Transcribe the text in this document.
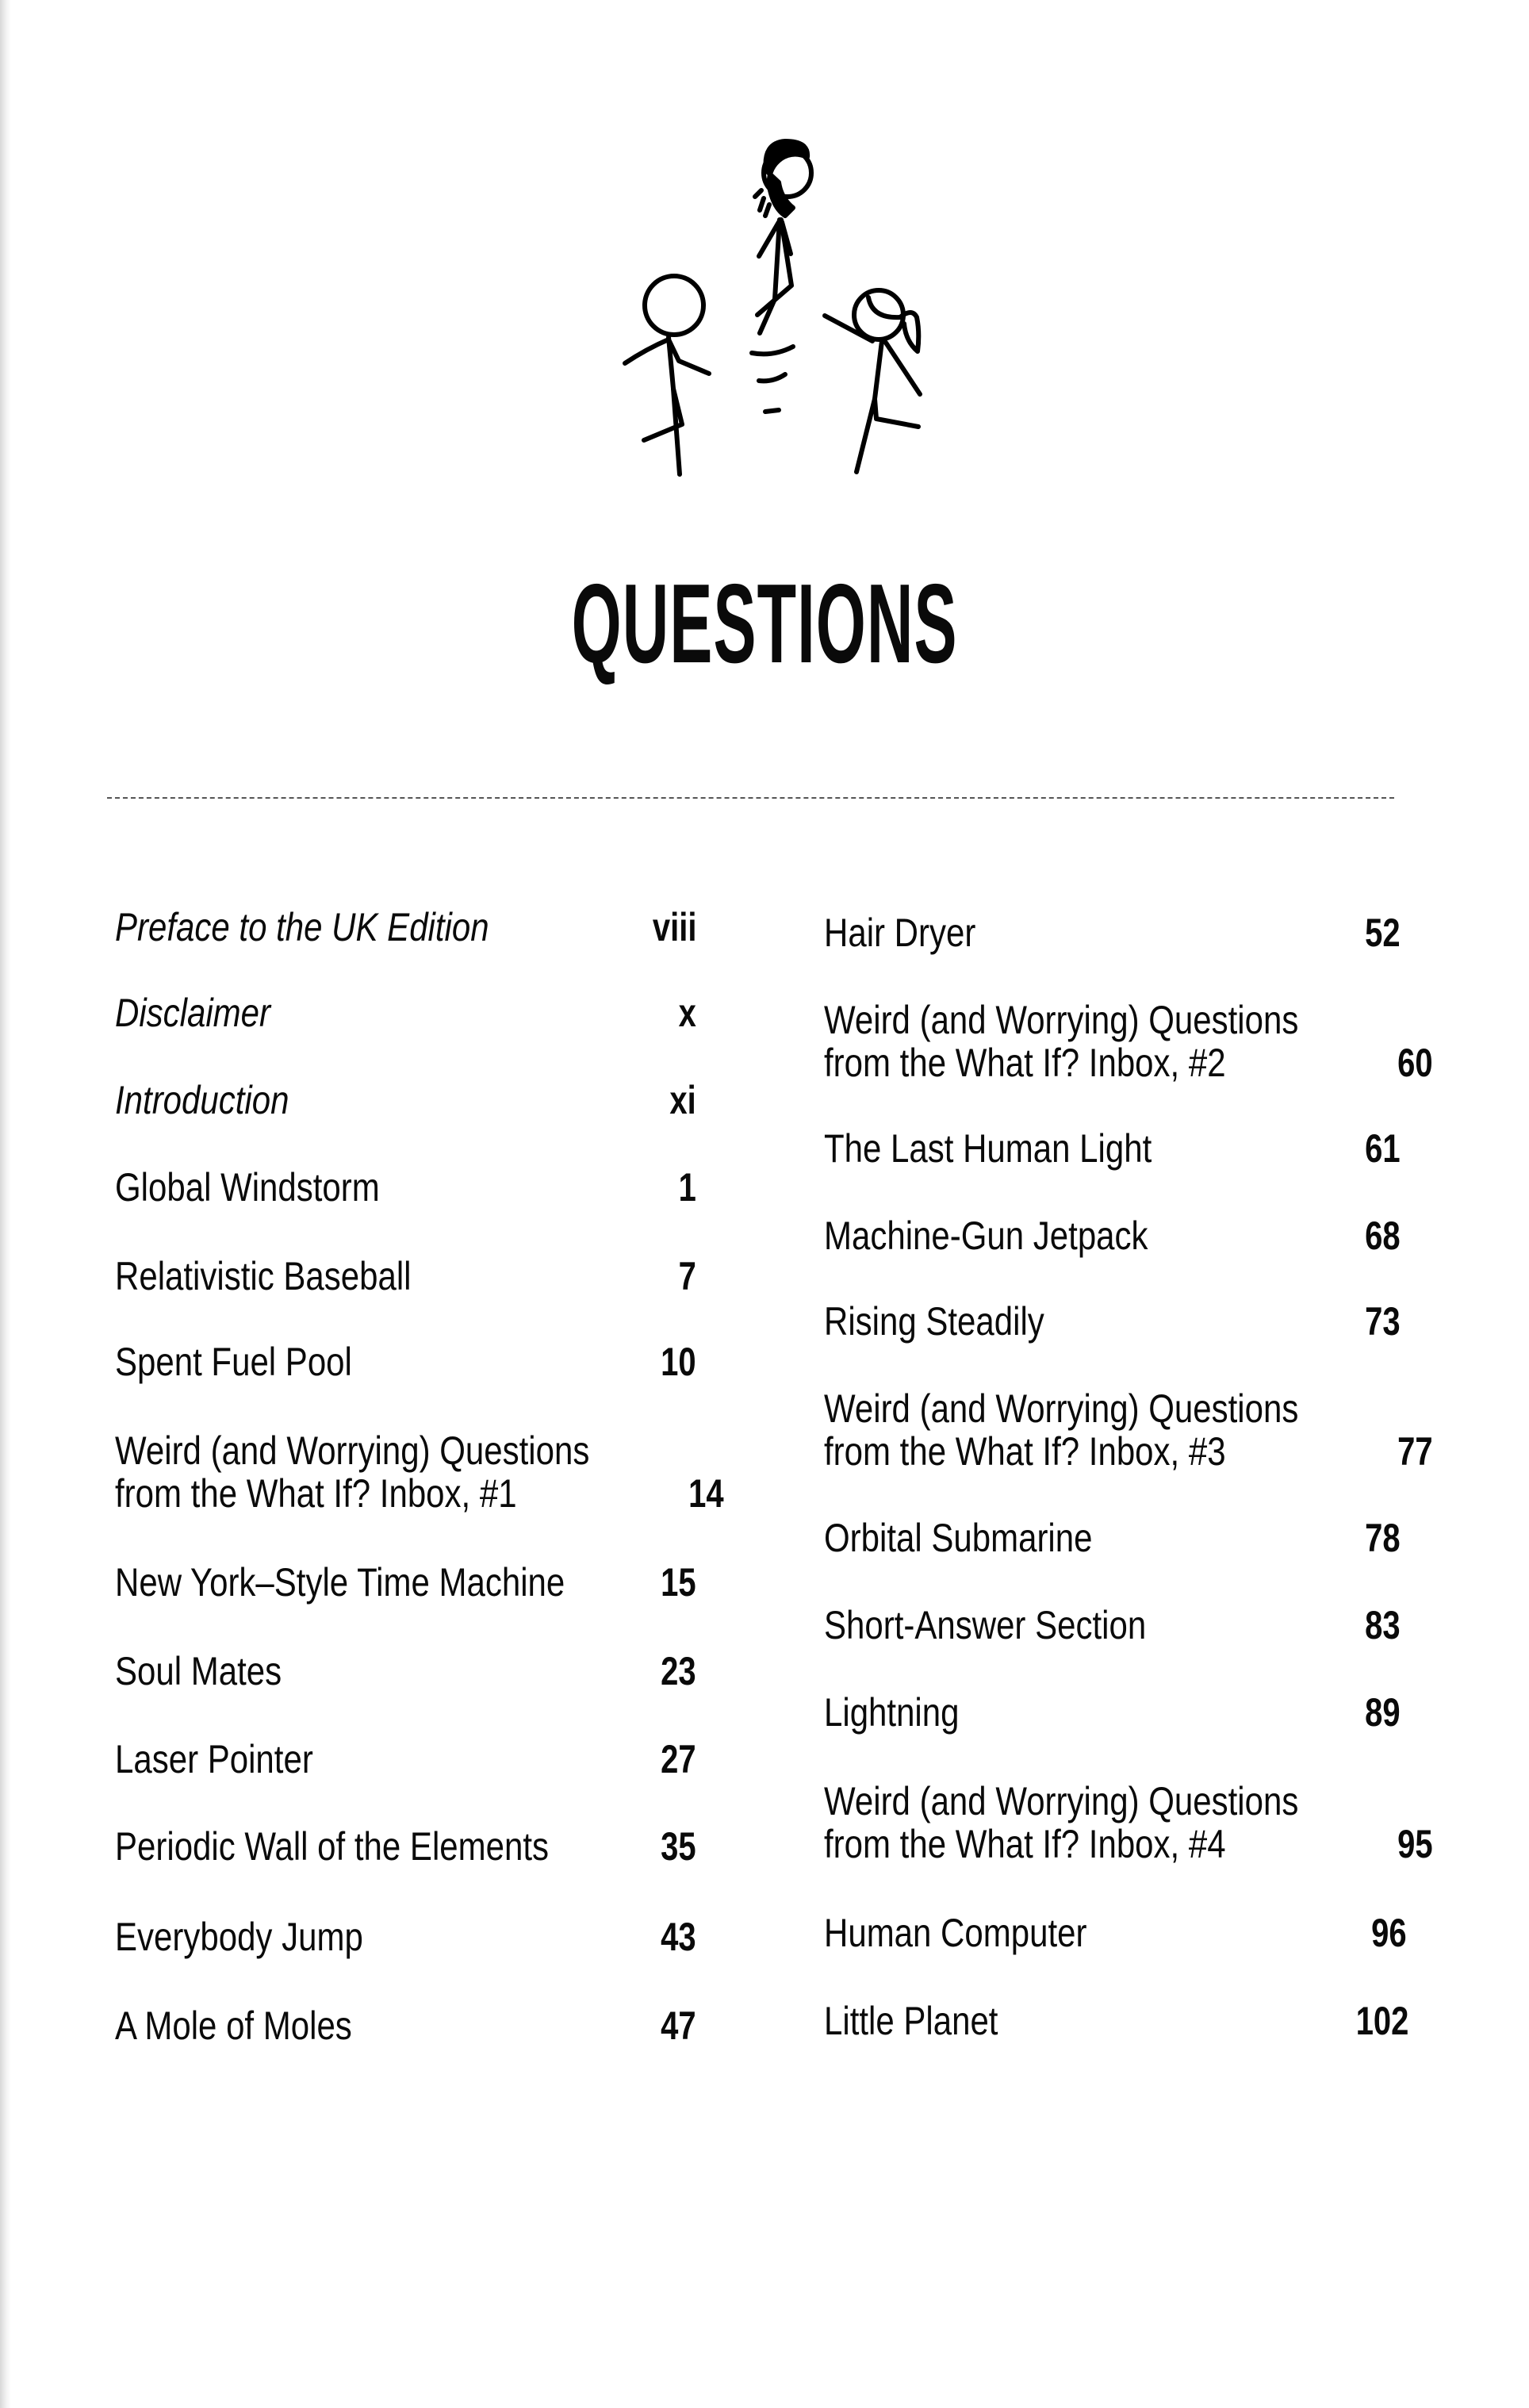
QUESTIONS
Preface to the UK Edition	viii
Disclaimer	x
Introduction	xi
Global Windstorm	1
Relativistic Baseball	7
Spent Fuel Pool	10
Weird (and Worrying) Questions
from the What If? Inbox, #1	14
New York–Style Time Machine 15
Soul Mates	23
Laser Pointer	27
Periodic Wall of the Elements	35
Everybody Jump	43
A Mole of Moles	47
Hair Dryer	52
Weird (and Worrying) Questions
from the What If? Inbox, #2	60
The Last Human Light	61
Machine-Gun Jetpack	68
Rising Steadily	73
Weird (and Worrying) Questions
from the What If? Inbox, #3	77
Orbital Submarine	78
Short-Answer Section	83
Lightning	89
Weird (and Worrying) Questions
from the What If? Inbox, #4	95
Human Computer	96
Little Planet	102
